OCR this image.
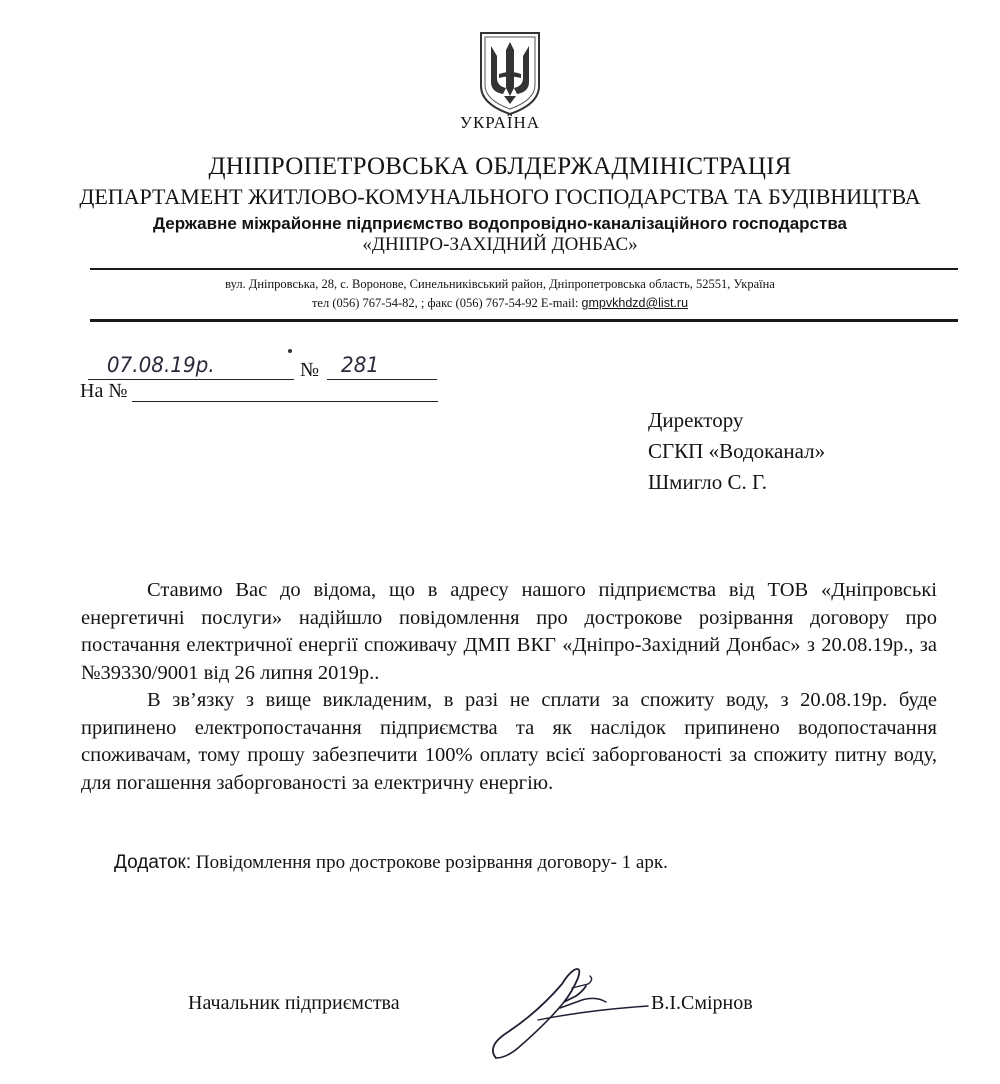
УКРАЇНА
ДНІПРОПЕТРОВСЬКА ОБЛДЕРЖАДМІНІСТРАЦІЯ
ДЕПАРТАМЕНТ ЖИТЛОВО-КОМУНАЛЬНОГО ГОСПОДАРСТВА ТА БУДІВНИЦТВА
Державне міжрайонне підприємство водопровідно-каналізаційного господарства
«ДНІПРО-ЗАХІДНИЙ ДОНБАС»
вул. Дніпровська, 28, с. Воронове, Синельниківський район, Дніпропетровська область, 52551, Україна
тел (056) 767-54-82, ; факс (056) 767-54-92 E-mail: gmpvkhdzd@list.ru
07.08.19р.	№ 281
На №
Директору
СГКП «Водоканал»
Шмигло С. Г.

Ставимо Вас до відома, що в адресу нашого підприємства від ТОВ «Дніпровські енергетичні послуги» надійшло повідомлення про дострокове розірвання договору про постачання електричної енергії споживачу ДМП ВКГ «Дніпро-Західний Донбас» з 20.08.19р., за №39330/9001 від 26 липня 2019р..

В зв’язку з вище викладеним, в разі не сплати за спожиту воду, з 20.08.19р. буде припинено електропостачання підприємства та як наслідок припинено водопостачання споживачам, тому прошу забезпечити 100% оплату всієї заборгованості за спожиту питну воду, для погашення заборгованості за електричну енергію.

Додаток: Повідомлення про дострокове розірвання договору- 1 арк.
Начальник підприємства	В.І.Смірнов
